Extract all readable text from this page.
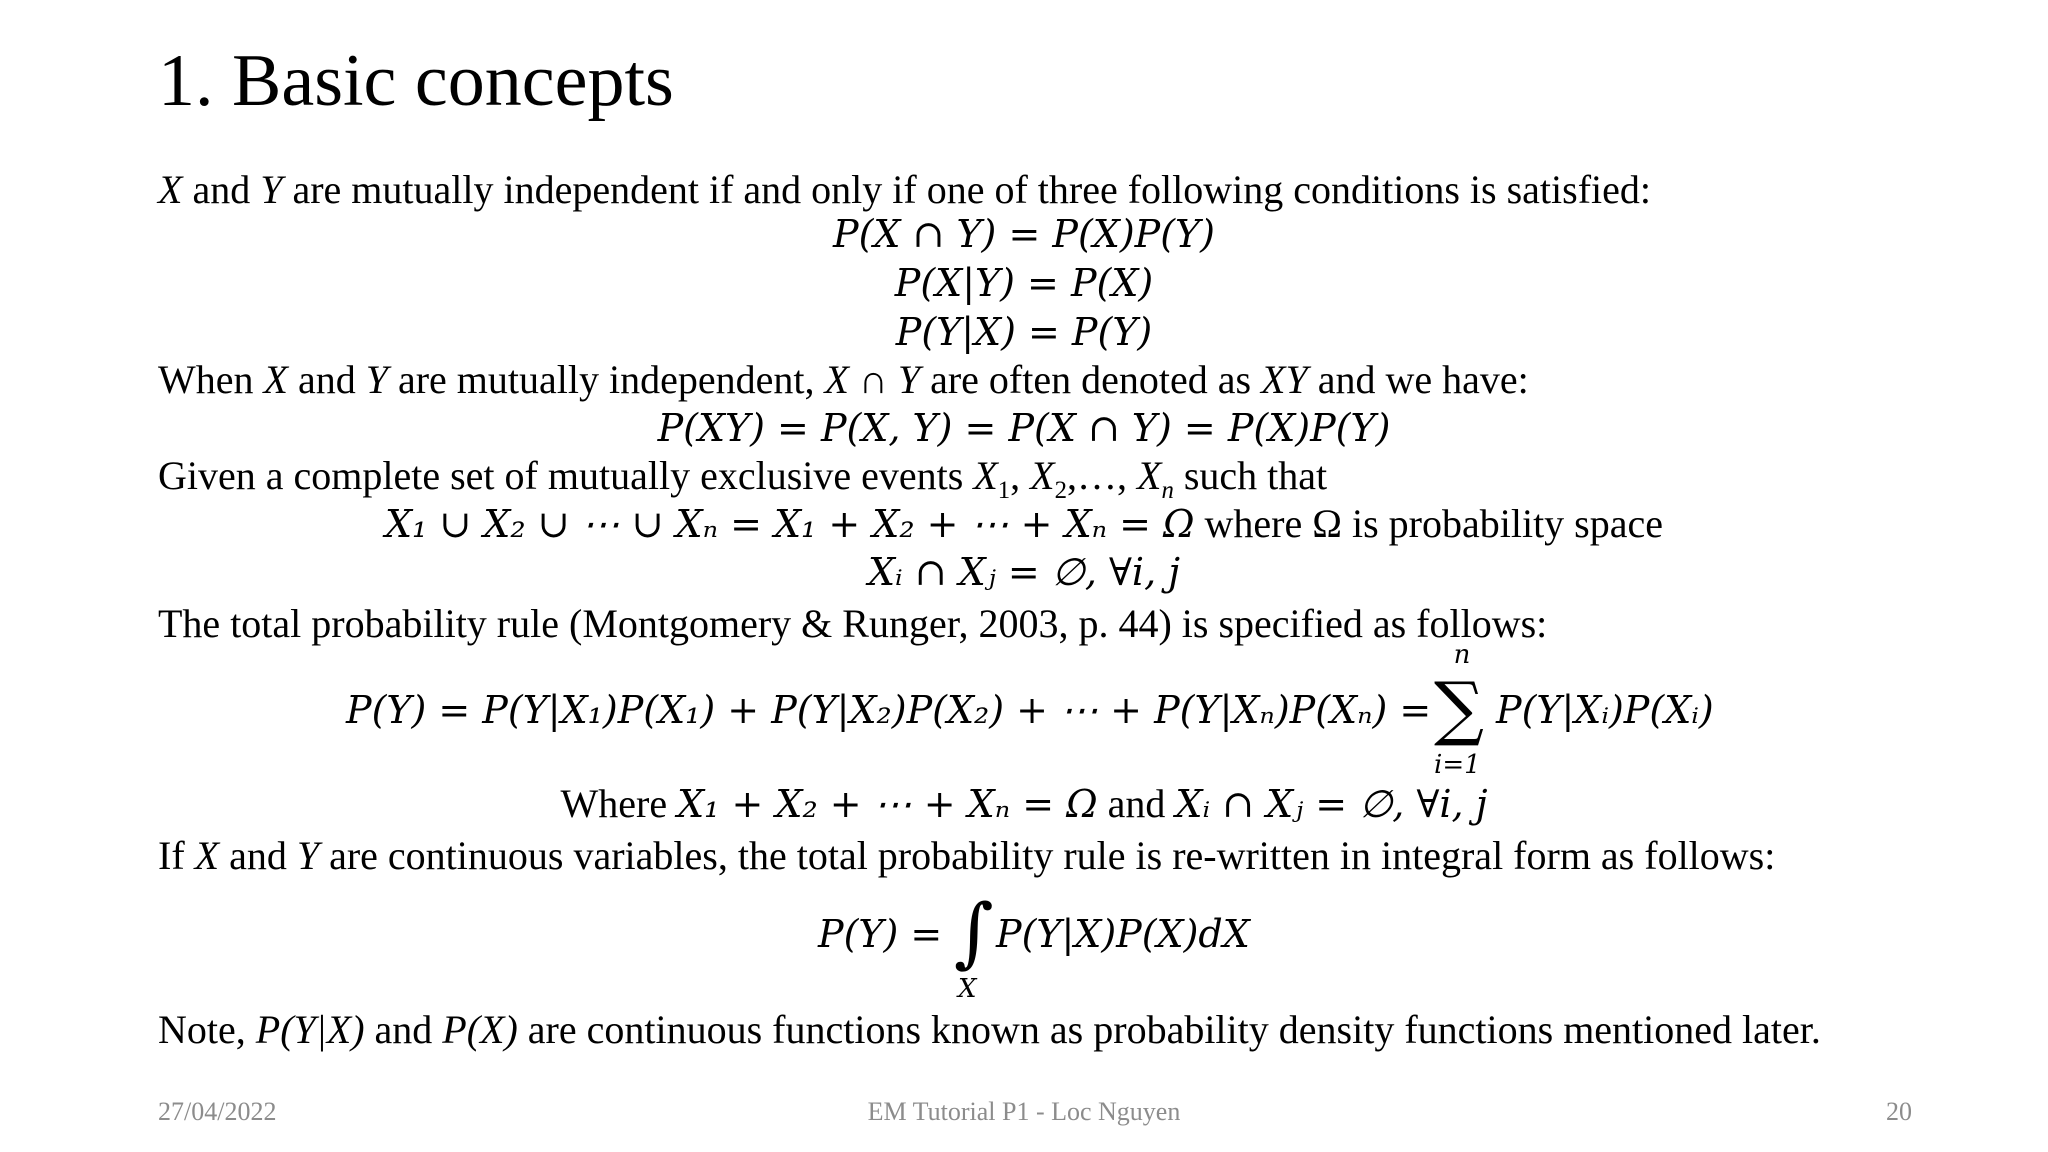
1. Basic concepts
X and Y are mutually independent if and only if one of three following conditions is satisfied:
P(X ∩ Y) = P(X)P(Y)
P(X|Y) = P(X)
P(Y|X) = P(Y)
When X and Y are mutually independent, X ∩ Y are often denoted as XY and we have:
P(XY) = P(X, Y) = P(X ∩ Y) = P(X)P(Y)
Given a complete set of mutually exclusive events $X_1$, $X_2,\dots$, $X_n$ such that
X₁ ∪ X₂ ∪ ⋯ ∪ Xₙ = X₁ + X₂ + ⋯ + Xₙ = Ω where Ω is probability space
Xᵢ ∩ Xⱼ = ∅, ∀i, j
The total probability rule (Montgomery & Runger, 2003, p. 44) is specified as follows:
P(Y) = P(Y|X₁)P(X₁) + P(Y|X₂)P(X₂) + ⋯ + P(Y|Xₙ)P(Xₙ) =
n
∑
i=1
P(Y|Xᵢ)P(Xᵢ)
Where X₁ + X₂ + ⋯ + Xₙ = Ω and Xᵢ ∩ Xⱼ = ∅, ∀i, j
If X and Y are continuous variables, the total probability rule is re-written in integral form as follows:
P(Y) = ∫
X
P(Y|X)P(X)dX
Note, P(Y|X) and P(X) are continuous functions known as probability density functions mentioned later.
27/04/2022	EM Tutorial P1 - Loc Nguyen	20
